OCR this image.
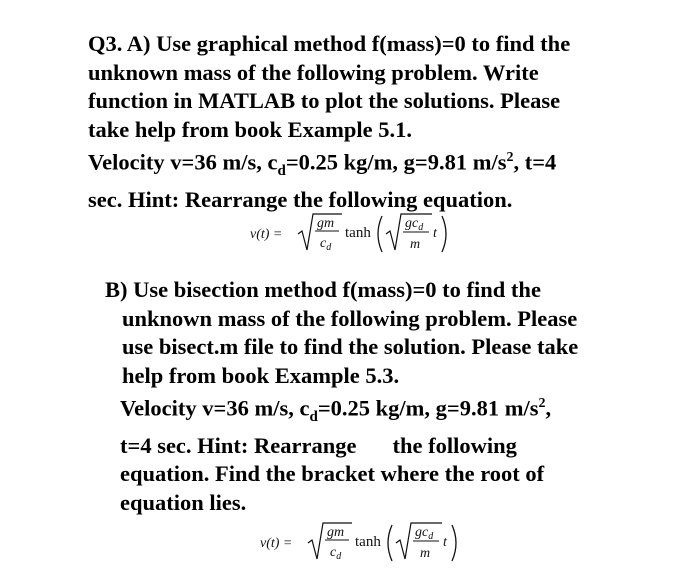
Q3. A) Use graphical method f(mass)=0 to find the
unknown mass of the following problem. Write
function in MATLAB to plot the solutions. Please
take help from book Example 5.1.
Velocity v=36 m/s, $c_d=0.25$ kg/m, g=9.81 $m/s^2$, t=4
sec. Hint: Rearrange the following equation.
v(t) =
gm
$c_d$
tanh
$gc_d$
m
t
B) Use bisection method f(mass)=0 to find the
unknown mass of the following problem. Please
use bisect.m file to find the solution. Please take
help from book Example 5.3.
Velocity v=36 m/s, $c_d=0.25$ kg/m, g=9.81 $m/s^2$,
t=4 sec. Hint: Rearrange the following
equation. Find the bracket where the root of
equation lies.
v(t) =
gm
$c_d$
tanh
$gc_d$
m
t
